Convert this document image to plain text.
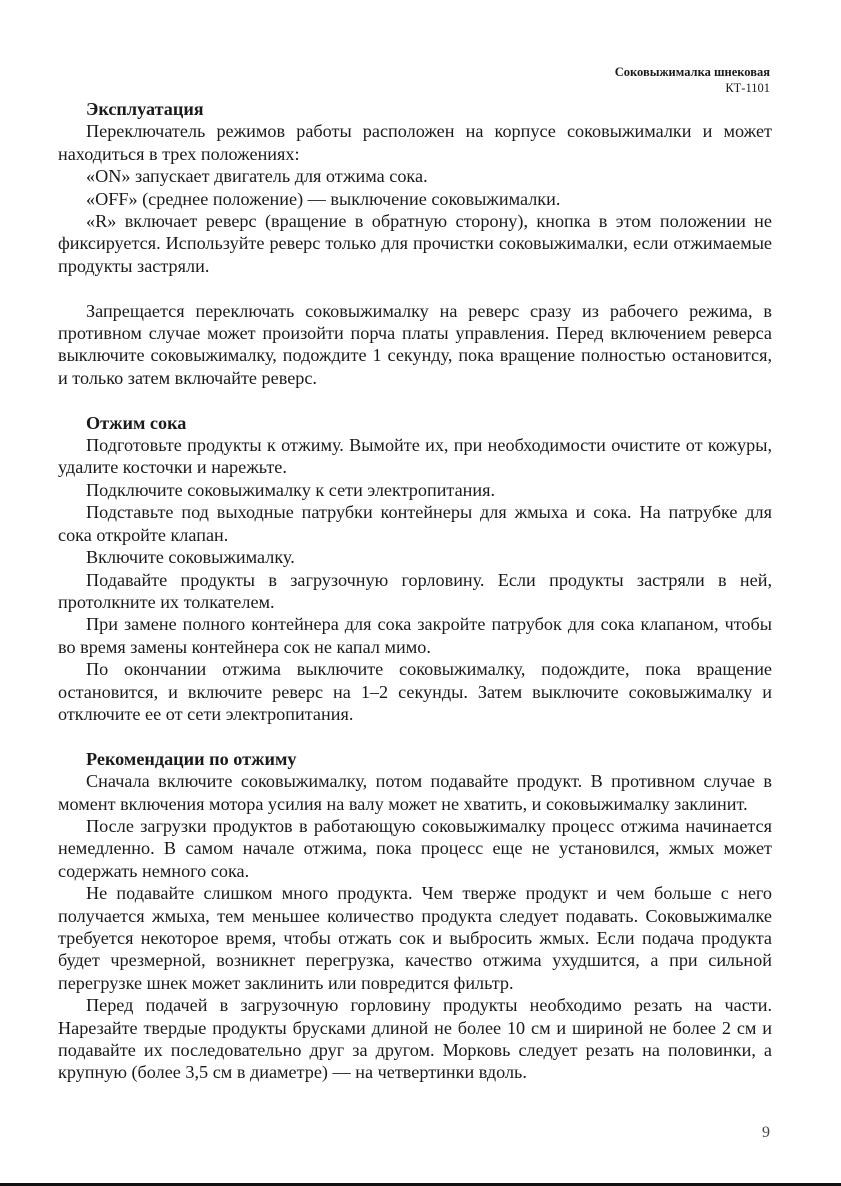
Соковыжималка шнековая
КТ-1101
Эксплуатация

Переключатель режимов работы расположен на корпусе соковыжималки и может находиться в трех положениях:

«ON» запускает двигатель для отжима сока.

«OFF» (среднее положение) — выключение соковыжималки.

«R» включает реверс (вращение в обратную сторону), кнопка в этом положении не фиксируется. Используйте реверс только для прочистки соковыжималки, если отжимаемые продукты застряли.

Запрещается переключать соковыжималку на реверс сразу из рабочего режима, в противном случае может произойти порча платы управления. Перед включением реверса выключите соковыжималку, подождите 1 секунду, пока вращение полностью остановится, и только затем включайте реверс.

Отжим сока

Подготовьте продукты к отжиму. Вымойте их, при необходимости очистите от кожуры, удалите косточки и нарежьте.

Подключите соковыжималку к сети электропитания.

Подставьте под выходные патрубки контейнеры для жмыха и сока. На патрубке для сока откройте клапан.

Включите соковыжималку.

Подавайте продукты в загрузочную горловину. Если продукты застряли в ней, протолкните их толкателем.

При замене полного контейнера для сока закройте патрубок для сока клапаном, чтобы во время замены контейнера сок не капал мимо.

По окончании отжима выключите соковыжималку, подождите, пока вращение остановится, и включите реверс на 1–2 секунды. Затем выключите соковыжималку и отключите ее от сети электропитания.

Рекомендации по отжиму

Сначала включите соковыжималку, потом подавайте продукт. В противном случае в момент включения мотора усилия на валу может не хватить, и соковыжималку заклинит.

После загрузки продуктов в работающую соковыжималку процесс отжима начинается немедленно. В самом начале отжима, пока процесс еще не установился, жмых может содержать немного сока.

Не подавайте слишком много продукта. Чем тверже продукт и чем больше с него получается жмыха, тем меньшее количество продукта следует подавать. Соковыжималке требуется некоторое время, чтобы отжать сок и выбросить жмых. Если подача продукта будет чрезмерной, возникнет перегрузка, качество отжима ухудшится, а при сильной перегрузке шнек может заклинить или повредится фильтр.

Перед подачей в загрузочную горловину продукты необходимо резать на части. Нарезайте твердые продукты брусками длиной не более 10 см и шириной не более 2 см и подавайте их последовательно друг за другом. Морковь следует резать на половинки, а крупную (более 3,5 см в диаметре) — на четвертинки вдоль.

9
